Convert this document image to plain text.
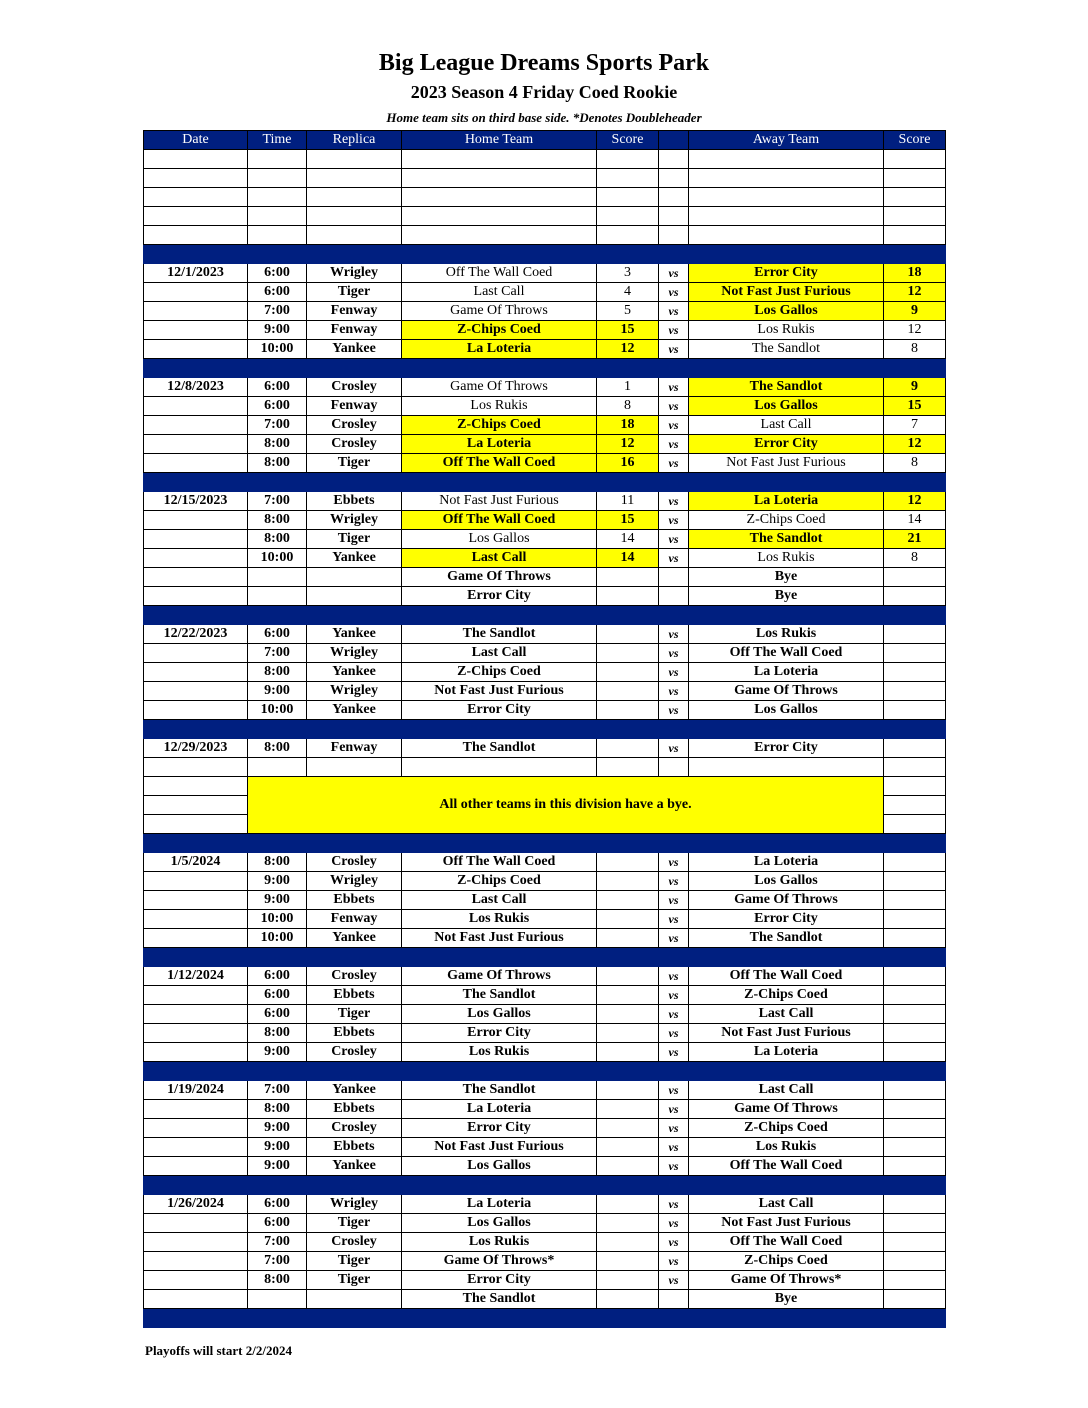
Big League Dreams Sports Park
2023 Season 4 Friday Coed Rookie
Home team sits on third base side. *Denotes Doubleheader
Date	Time	Replica	Home Team	Score		Away Team	Score

12/1/2023	6:00	Wrigley	Off The Wall Coed	3	vs	Error City	18
	6:00	Tiger	Last Call	4	vs	Not Fast Just Furious	12
	7:00	Fenway	Game Of Throws	5	vs	Los Gallos	9
	9:00	Fenway	Z-Chips Coed	15	vs	Los Rukis	12
	10:00	Yankee	La Loteria	12	vs	The Sandlot	8

12/8/2023	6:00	Crosley	Game Of Throws	1	vs	The Sandlot	9
	6:00	Fenway	Los Rukis	8	vs	Los Gallos	15
	7:00	Crosley	Z-Chips Coed	18	vs	Last Call	7
	8:00	Crosley	La Loteria	12	vs	Error City	12
	8:00	Tiger	Off The Wall Coed	16	vs	Not Fast Just Furious	8

12/15/2023	7:00	Ebbets	Not Fast Just Furious	11	vs	La Loteria	12
	8:00	Wrigley	Off The Wall Coed	15	vs	Z-Chips Coed	14
	8:00	Tiger	Los Gallos	14	vs	The Sandlot	21
	10:00	Yankee	Last Call	14	vs	Los Rukis	8
			Game Of Throws			Bye	
			Error City			Bye	

12/22/2023	6:00	Yankee	The Sandlot		vs	Los Rukis	
	7:00	Wrigley	Last Call		vs	Off The Wall Coed	
	8:00	Yankee	Z-Chips Coed		vs	La Loteria	
	9:00	Wrigley	Not Fast Just Furious		vs	Game Of Throws	
	10:00	Yankee	Error City		vs	Los Gallos	

12/29/2023	8:00	Fenway	The Sandlot		vs	Error City	

	All other teams in this division have a bye.						

1/5/2024	8:00	Crosley	Off The Wall Coed		vs	La Loteria	
	9:00	Wrigley	Z-Chips Coed		vs	Los Gallos	
	9:00	Ebbets	Last Call		vs	Game Of Throws	
	10:00	Fenway	Los Rukis		vs	Error City	
	10:00	Yankee	Not Fast Just Furious		vs	The Sandlot	

1/12/2024	6:00	Crosley	Game Of Throws		vs	Off The Wall Coed	
	6:00	Ebbets	The Sandlot		vs	Z-Chips Coed	
	6:00	Tiger	Los Gallos		vs	Last Call	
	8:00	Ebbets	Error City		vs	Not Fast Just Furious	
	9:00	Crosley	Los Rukis		vs	La Loteria	

1/19/2024	7:00	Yankee	The Sandlot		vs	Last Call	
	8:00	Ebbets	La Loteria		vs	Game Of Throws	
	9:00	Crosley	Error City		vs	Z-Chips Coed	
	9:00	Ebbets	Not Fast Just Furious		vs	Los Rukis	
	9:00	Yankee	Los Gallos		vs	Off The Wall Coed	

1/26/2024	6:00	Wrigley	La Loteria		vs	Last Call	
	6:00	Tiger	Los Gallos		vs	Not Fast Just Furious	
	7:00	Crosley	Los Rukis		vs	Off The Wall Coed	
	7:00	Tiger	Game Of Throws*		vs	Z-Chips Coed	
	8:00	Tiger	Error City		vs	Game Of Throws*	
			The Sandlot			Bye	

Playoffs will start 2/2/2024
